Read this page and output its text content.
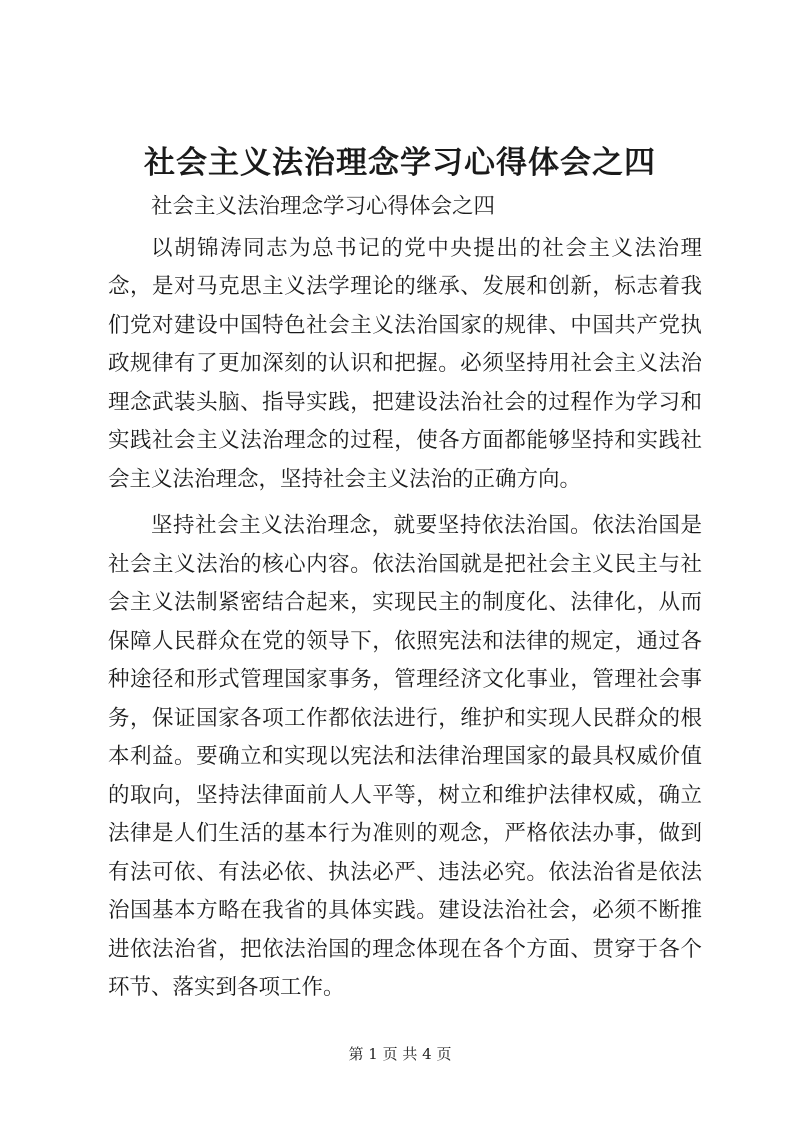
社会主义法治理念学习心得体会之四

社会主义法治理念学习心得体会之四

以胡锦涛同志为总书记的党中央提出的社会主义法治理念，是对马克思主义法学理论的继承、发展和创新，标志着我们党对建设中国特色社会主义法治国家的规律、中国共产党执政规律有了更加深刻的认识和把握。必须坚持用社会主义法治理念武装头脑、指导实践，把建设法治社会的过程作为学习和实践社会主义法治理念的过程，使各方面都能够坚持和实践社会主义法治理念，坚持社会主义法治的正确方向。

坚持社会主义法治理念，就要坚持依法治国。依法治国是社会主义法治的核心内容。依法治国就是把社会主义民主与社会主义法制紧密结合起来，实现民主的制度化、法律化，从而保障人民群众在党的领导下，依照宪法和法律的规定，通过各种途径和形式管理国家事务，管理经济文化事业，管理社会事务，保证国家各项工作都依法进行，维护和实现人民群众的根本利益。要确立和实现以宪法和法律治理国家的最具权威价值的取向，坚持法律面前人人平等，树立和维护法律权威，确立法律是人们生活的基本行为准则的观念，严格依法办事，做到有法可依、有法必依、执法必严、违法必究。依法治省是依法治国基本方略在我省的具体实践。建设法治社会，必须不断推进依法治省，把依法治国的理念体现在各个方面、贯穿于各个环节、落实到各项工作。

第 1 页 共 4 页
